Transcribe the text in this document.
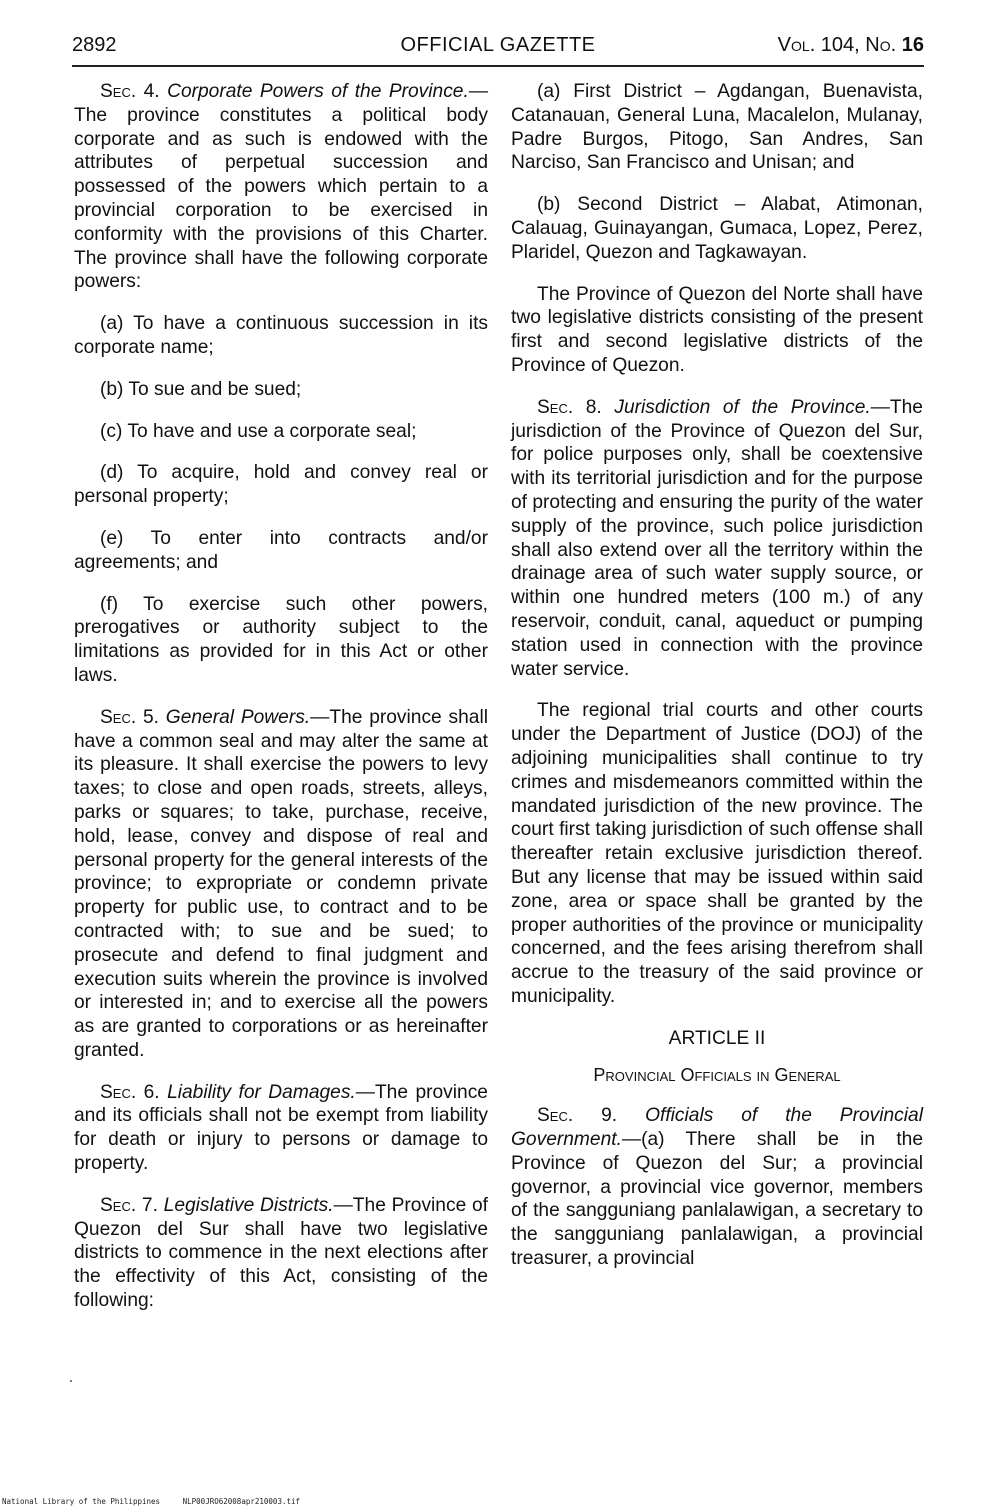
2892	OFFICIAL GAZETTE	Vol. 104, No. 16

Sec. 4. Corporate Powers of the Province.—The province constitutes a political body corporate and as such is endowed with the attributes of perpetual succession and possessed of the powers which pertain to a provincial corporation to be exercised in conformity with the provisions of this Charter. The province shall have the following corporate powers:

(a) To have a continuous succession in its corporate name;

(b) To sue and be sued;

(c) To have and use a corporate seal;

(d) To acquire, hold and convey real or personal property;

(e) To enter into contracts and/or agreements; and

(f) To exercise such other powers, prerogatives or authority subject to the limitations as provided for in this Act or other laws.

Sec. 5. General Powers.—The province shall have a common seal and may alter the same at its pleasure. It shall exercise the powers to levy taxes; to close and open roads, streets, alleys, parks or squares; to take, purchase, receive, hold, lease, convey and dispose of real and personal property for the general interests of the province; to expropriate or condemn private property for public use, to contract and to be contracted with; to sue and be sued; to prosecute and defend to final judgment and execution suits wherein the province is involved or interested in; and to exercise all the powers as are granted to corporations or as hereinafter granted.

Sec. 6. Liability for Damages.—The province and its officials shall not be exempt from liability for death or injury to persons or damage to property.

Sec. 7. Legislative Districts.—The Province of Quezon del Sur shall have two legislative districts to commence in the next elections after the effectivity of this Act, consisting of the following:

(a) First District – Agdangan, Buenavista, Catanauan, General Luna, Macalelon, Mulanay, Padre Burgos, Pitogo, San Andres, San Narciso, San Francisco and Unisan; and

(b) Second District – Alabat, Atimonan, Calauag, Guinayangan, Gumaca, Lopez, Perez, Plaridel, Quezon and Tagkawayan.

The Province of Quezon del Norte shall have two legislative districts consisting of the present first and second legislative districts of the Province of Quezon.

Sec. 8. Jurisdiction of the Province.—The jurisdiction of the Province of Quezon del Sur, for police purposes only, shall be coextensive with its territorial jurisdiction and for the purpose of protecting and ensuring the purity of the water supply of the province, such police jurisdiction shall also extend over all the territory within the drainage area of such water supply source, or within one hundred meters (100 m.) of any reservoir, conduit, canal, aqueduct or pumping station used in connection with the province water service.

The regional trial courts and other courts under the Department of Justice (DOJ) of the adjoining municipalities shall continue to try crimes and misdemeanors committed within the mandated jurisdiction of the new province. The court first taking jurisdiction of such offense shall thereafter retain exclusive jurisdiction thereof. But any license that may be issued within said zone, area or space shall be granted by the proper authorities of the province or municipality concerned, and the fees arising therefrom shall accrue to the treasury of the said province or municipality.

ARTICLE II

Provincial Officials in General

Sec. 9. Officials of the Provincial Government.—(a) There shall be in the Province of Quezon del Sur; a provincial governor, a provincial vice governor, members of the sangguniang panlalawigan, a secretary to the sangguniang panlalawigan, a provincial treasurer, a provincial

National Library of the Philippines	NLP00JRO62008apr210003.tif
